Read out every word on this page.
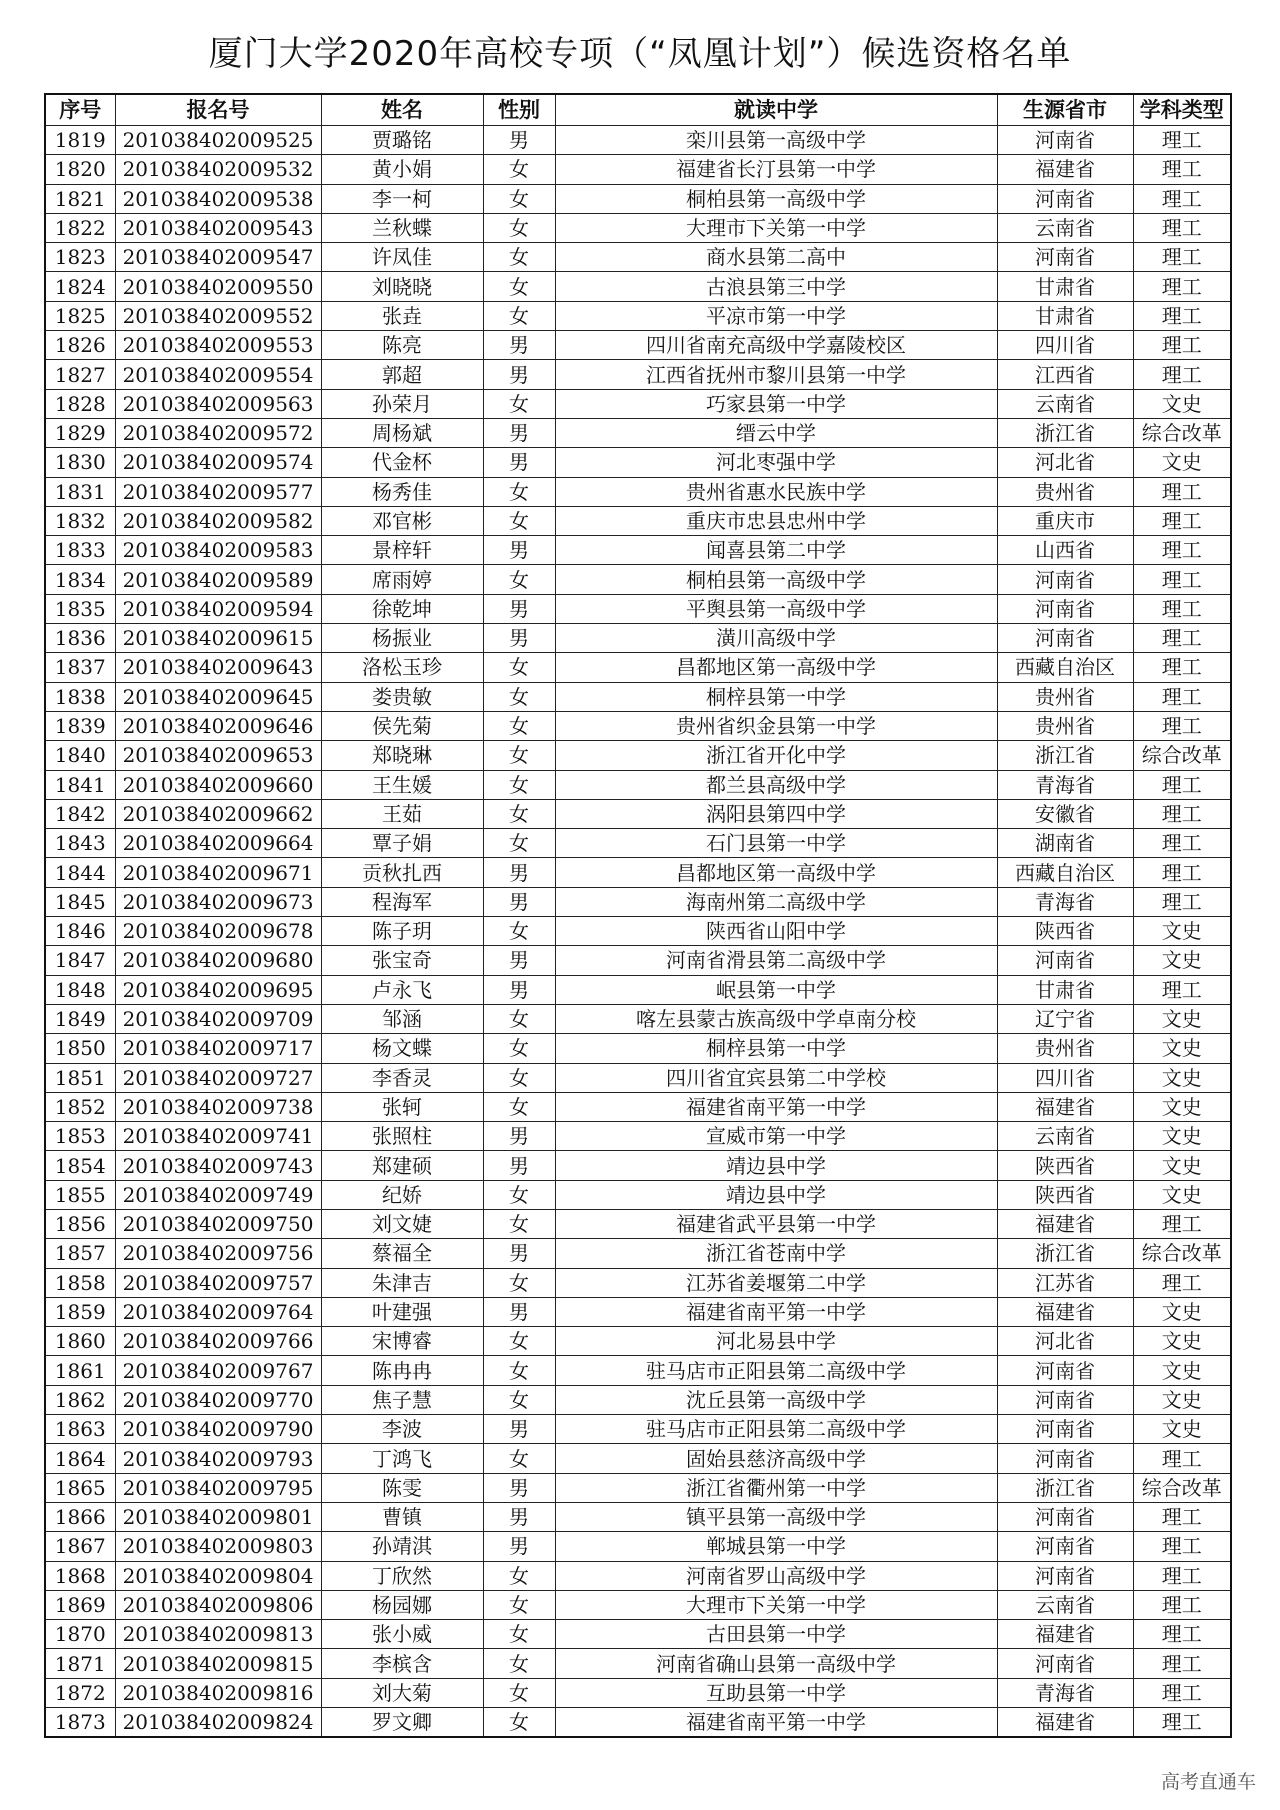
厦门大学2020年高校专项（“凤凰计划”）候选资格名单
序号	报名号	姓名	性别	就读中学	生源省市	学科类型
1819	201038402009525	贾璐铭	男	栾川县第一高级中学	河南省	理工
1820	201038402009532	黄小娟	女	福建省长汀县第一中学	福建省	理工
1821	201038402009538	李一柯	女	桐柏县第一高级中学	河南省	理工
1822	201038402009543	兰秋蝶	女	大理市下关第一中学	云南省	理工
1823	201038402009547	许凤佳	女	商水县第二高中	河南省	理工
1824	201038402009550	刘晓晓	女	古浪县第三中学	甘肃省	理工
1825	201038402009552	张垚	女	平凉市第一中学	甘肃省	理工
1826	201038402009553	陈亮	男	四川省南充高级中学嘉陵校区	四川省	理工
1827	201038402009554	郭超	男	江西省抚州市黎川县第一中学	江西省	理工
1828	201038402009563	孙荣月	女	巧家县第一中学	云南省	文史
1829	201038402009572	周杨斌	男	缙云中学	浙江省	综合改革
1830	201038402009574	代金杯	男	河北枣强中学	河北省	文史
1831	201038402009577	杨秀佳	女	贵州省惠水民族中学	贵州省	理工
1832	201038402009582	邓官彬	女	重庆市忠县忠州中学	重庆市	理工
1833	201038402009583	景梓轩	男	闻喜县第二中学	山西省	理工
1834	201038402009589	席雨婷	女	桐柏县第一高级中学	河南省	理工
1835	201038402009594	徐乾坤	男	平舆县第一高级中学	河南省	理工
1836	201038402009615	杨振业	男	潢川高级中学	河南省	理工
1837	201038402009643	洛松玉珍	女	昌都地区第一高级中学	西藏自治区	理工
1838	201038402009645	娄贵敏	女	桐梓县第一中学	贵州省	理工
1839	201038402009646	侯先菊	女	贵州省织金县第一中学	贵州省	理工
1840	201038402009653	郑晓琳	女	浙江省开化中学	浙江省	综合改革
1841	201038402009660	王生媛	女	都兰县高级中学	青海省	理工
1842	201038402009662	王茹	女	涡阳县第四中学	安徽省	理工
1843	201038402009664	覃子娟	女	石门县第一中学	湖南省	理工
1844	201038402009671	贡秋扎西	男	昌都地区第一高级中学	西藏自治区	理工
1845	201038402009673	程海军	男	海南州第二高级中学	青海省	理工
1846	201038402009678	陈子玥	女	陕西省山阳中学	陕西省	文史
1847	201038402009680	张宝奇	男	河南省滑县第二高级中学	河南省	文史
1848	201038402009695	卢永飞	男	岷县第一中学	甘肃省	理工
1849	201038402009709	邹涵	女	喀左县蒙古族高级中学卓南分校	辽宁省	文史
1850	201038402009717	杨文蝶	女	桐梓县第一中学	贵州省	文史
1851	201038402009727	李香灵	女	四川省宜宾县第二中学校	四川省	文史
1852	201038402009738	张轲	女	福建省南平第一中学	福建省	文史
1853	201038402009741	张照柱	男	宣威市第一中学	云南省	文史
1854	201038402009743	郑建硕	男	靖边县中学	陕西省	文史
1855	201038402009749	纪娇	女	靖边县中学	陕西省	文史
1856	201038402009750	刘文婕	女	福建省武平县第一中学	福建省	理工
1857	201038402009756	蔡福全	男	浙江省苍南中学	浙江省	综合改革
1858	201038402009757	朱津吉	女	江苏省姜堰第二中学	江苏省	理工
1859	201038402009764	叶建强	男	福建省南平第一中学	福建省	文史
1860	201038402009766	宋博睿	女	河北易县中学	河北省	文史
1861	201038402009767	陈冉冉	女	驻马店市正阳县第二高级中学	河南省	文史
1862	201038402009770	焦子慧	女	沈丘县第一高级中学	河南省	文史
1863	201038402009790	李波	男	驻马店市正阳县第二高级中学	河南省	文史
1864	201038402009793	丁鸿飞	女	固始县慈济高级中学	河南省	理工
1865	201038402009795	陈雯	男	浙江省衢州第一中学	浙江省	综合改革
1866	201038402009801	曹镇	男	镇平县第一高级中学	河南省	理工
1867	201038402009803	孙靖淇	男	郸城县第一中学	河南省	理工
1868	201038402009804	丁欣然	女	河南省罗山高级中学	河南省	理工
1869	201038402009806	杨园娜	女	大理市下关第一中学	云南省	理工
1870	201038402009813	张小威	女	古田县第一中学	福建省	理工
1871	201038402009815	李槟含	女	河南省确山县第一高级中学	河南省	理工
1872	201038402009816	刘大菊	女	互助县第一中学	青海省	理工
1873	201038402009824	罗文卿	女	福建省南平第一中学	福建省	理工
高考直通车
